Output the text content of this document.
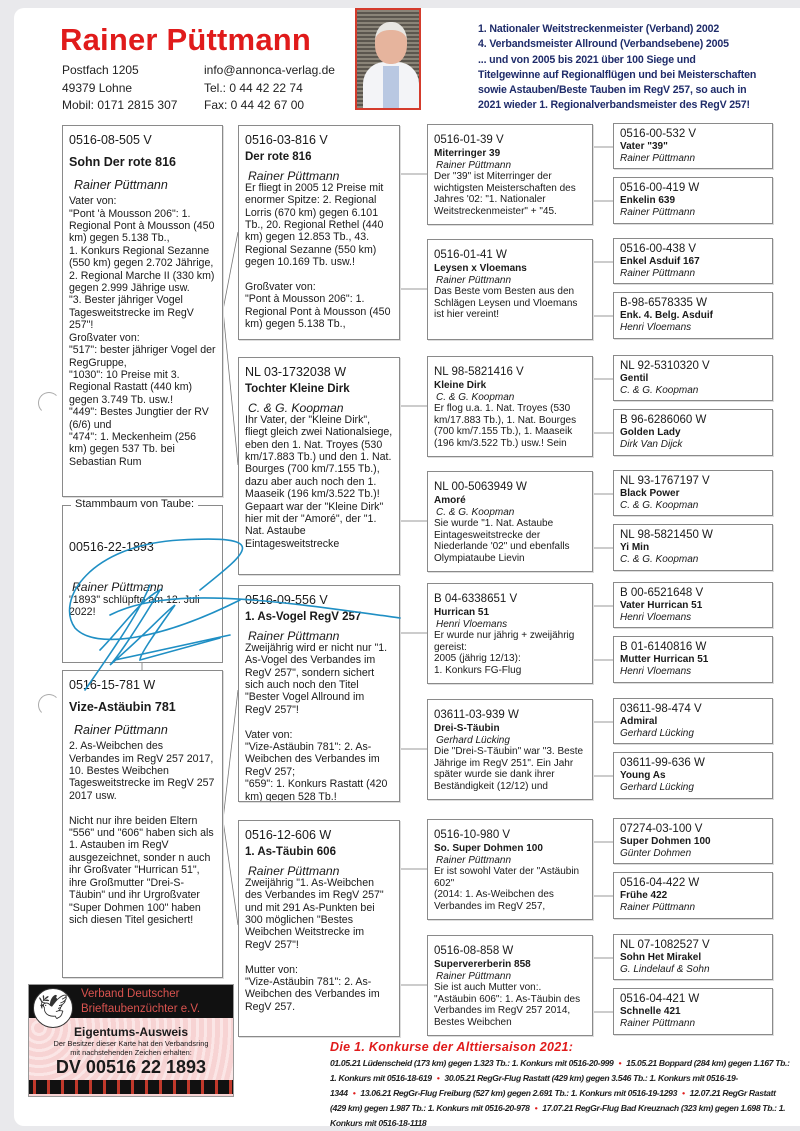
Rainer Püttmann
Postfach 1205
49379 Lohne
Mobil: 0171 2815 307
info@annonca-verlag.de
Tel.: 0 44 42 22 74
Fax: 0 44 42 67 00
1. Nationaler Weitstreckenmeister (Verband) 2002
4. Verbandsmeister Allround (Verbandsebene) 2005
... und von 2005 bis 2021 über 100 Siege und
Titelgewinne auf Regionalflügen und bei Meisterschaften
sowie Astauben/Beste Tauben im RegV 257, so auch in
2021 wieder 1. Regionalverbandsmeister des RegV 257!
Stammbaum von Taube:
00516-22-1893
Rainer Püttmann
"1893" schlüpfte am 12. Juli 2022!
0516-08-505 V
Sohn Der rote 816
Rainer Püttmann
Vater von:
"Pont 'à Mousson 206": 1. Regional Pont à Mousson (450 km) gegen 5.138 Tb.,
1. Konkurs Regional Sezanne (550 km) gegen 2.702 Jährige,
2. Regional Marche II (330 km) gegen 2.999 Jährige usw.
"3. Bester jähriger Vogel Tagesweitstrecke im RegV 257"!
Großvater von:
"517": bester jähriger Vogel der RegGruppe,
"1030": 10 Preise mit 3. Regional Rastatt (440 km) gegen 3.749 Tb. usw.!
"449": Bestes Jungtier der RV (6/6) und
"474": 1. Meckenheim (256 km) gegen 537 Tb. bei Sebastian Rum
0516-15-781 W
Vize-Astäubin 781
Rainer Püttmann
2. As-Weibchen des Verbandes im RegV 257 2017,
10. Bestes Weibchen Tagesweitstrecke im RegV 257 2017 usw.

Nicht nur ihre beiden Eltern "556" und "606" haben sich als 1. Astauben im RegV ausgezeichnet, sonder n auch ihr Großvater "Hurrican 51", ihre Großmutter "Drei-S-Täubin" und ihr Urgroßvater "Super Dohmen 100" haben sich diesen Titel gesichert!
0516-03-816 V
Der rote 816
Rainer Püttmann
Er fliegt in 2005 12 Preise mit enormer Spitze: 2. Regional Lorris (670 km) gegen 6.101 Tb., 20. Regional Rethel (440 km) gegen 12.853 Tb., 43. Regional Sezanne (550 km) gegen 10.169 Tb. usw.!

Großvater von:
"Pont à Mousson 206": 1. Regional Pont à Mousson (450 km) gegen 5.138 Tb.,
NL 03-1732038 W
Tochter Kleine Dirk
C. & G. Koopman
Ihr Vater, der "Kleine Dirk", fliegt gleich zwei Nationalsiege, eben den 1. Nat. Troyes (530 km/17.883 Tb.) und den 1. Nat. Bourges (700 km/7.155 Tb.), dazu aber auch noch den 1. Maaseik (196 km/3.522 Tb.)! Gepaart war der "Kleine Dirk" hier mit der "Amoré", der "1. Nat. Astaube Eintagesweitstrecke
0516-09-556 V
1. As-Vogel RegV 257
Rainer Püttmann
Zweijährig wird er nicht nur "1. As-Vogel des Verbandes im RegV 257", sondern sichert sich auch noch den Titel "Bester Vogel Allround im RegV 257"!

Vater von:
"Vize-Astäubin 781": 2. As-Weibchen des Verbandes im RegV 257;
"659": 1. Konkurs Rastatt (420 km) gegen 528 Tb.!
0516-12-606 W
1. As-Täubin 606
Rainer Püttmann
Zweijährig "1. As-Weibchen des Verbandes im RegV 257" und mit 291 As-Punkten bei 300 möglichen "Bestes Weibchen Weitstrecke im RegV 257"!

Mutter von:
"Vize-Astäubin 781": 2. As-Weibchen des Verbandes im RegV 257.
0516-01-39 V
Miterringer 39
Rainer Püttmann
Der "39" ist Miterringer der wichtigsten Meisterschaften des Jahres '02: "1. Nationaler Weitstreckenmeister" + "45.
0516-00-532 V
Vater "39"
Rainer Püttmann
0516-00-419 W
Enkelin 639
Rainer Püttmann
0516-01-41 W
Leysen x Vloemans
Rainer Püttmann
Das Beste vom Besten aus den Schlägen Leysen und Vloemans ist hier vereint!
0516-00-438 V
Enkel Asduif 167
Rainer Püttmann
B-98-6578335 W
Enk. 4. Belg. Asduif
Henri Vloemans
NL 98-5821416 V
Kleine Dirk
C. & G. Koopman
Er flog u.a. 1. Nat. Troyes (530 km/17.883 Tb.), 1. Nat. Bourges (700 km/7.155 Tb.), 1. Maaseik (196 km/3.522 Tb.) usw.! Sein
NL 92-5310320 V
Gentil
C. & G. Koopman
B 96-6286060 W
Golden Lady
Dirk Van Dijck
NL 00-5063949 W
Amoré
C. & G. Koopman
Sie wurde "1. Nat. Astaube Eintagesweitstrecke der Niederlande '02" und ebenfalls Olympiataube Lievin
NL 93-1767197 V
Black Power
C. & G. Koopman
NL 98-5821450 W
Yi Min
C. & G. Koopman
B 04-6338651 V
Hurrican 51
Henri Vloemans
Er wurde nur jährig + zweijährig gereist:
2005 (jährig 12/13):
1. Konkurs FG-Flug
B 00-6521648 V
Vater Hurrican 51
Henri Vloemans
B 01-6140816 W
Mutter Hurrican 51
Henri Vloemans
03611-03-939 W
Drei-S-Täubin
Gerhard Lücking
Die "Drei-S-Täubin" war "3. Beste Jährige im RegV 251". Ein Jahr später wurde sie dank ihrer Beständigkeit (12/12) und
03611-98-474 V
Admiral
Gerhard Lücking
03611-99-636 W
Young As
Gerhard Lücking
0516-10-980 V
So. Super Dohmen 100
Rainer Püttmann
Er ist sowohl Vater der "Astäubin 602"
(2014: 1. As-Weibchen des Verbandes im RegV 257,
07274-03-100 V
Super Dohmen 100
Günter Dohmen
0516-04-422 W
Frühe 422
Rainer Püttmann
0516-08-858 W
Supervererberin 858
Rainer Püttmann
Sie ist auch Mutter von:.
"Astäubin 606": 1. As-Täubin des Verbandes im RegV 257 2014, Bestes Weibchen
NL 07-1082527 V
Sohn Het Mirakel
G. Lindelauf & Sohn
0516-04-421 W
Schnelle 421
Rainer Püttmann
🕊	Verband Deutscher
Brieftaubenzüchter e.V.
Eigentums-Ausweis
Der Besitzer dieser Karte hat den Verbandsring
mit nachstehenden Zeichen erhalten:
DV 00516 22 1893
Die 1. Konkurse der Alttiersaison 2021:
01.05.21 Lüdenscheid (173 km) gegen 1.323 Tb.: 1. Konkurs mit 0516-20-999 • 15.05.21 Boppard (284 km) gegen 1.167 Tb.: 1. Konkurs mit 0516-18-619 • 30.05.21 RegGr-Flug Rastatt (429 km) gegen 3.546 Tb.: 1. Konkurs mit 0516-19-1344 • 13.06.21 RegGr-Flug Freiburg (527 km) gegen 2.691 Tb.: 1. Konkurs mit 0516-19-1293 • 12.07.21 RegGr Rastatt (429 km) gegen 1.987 Tb.: 1. Konkurs mit 0516-20-978 • 17.07.21 RegGr-Flug Bad Kreuznach (323 km) gegen 1.698 Tb.: 1. Konkurs mit 0516-18-1118
